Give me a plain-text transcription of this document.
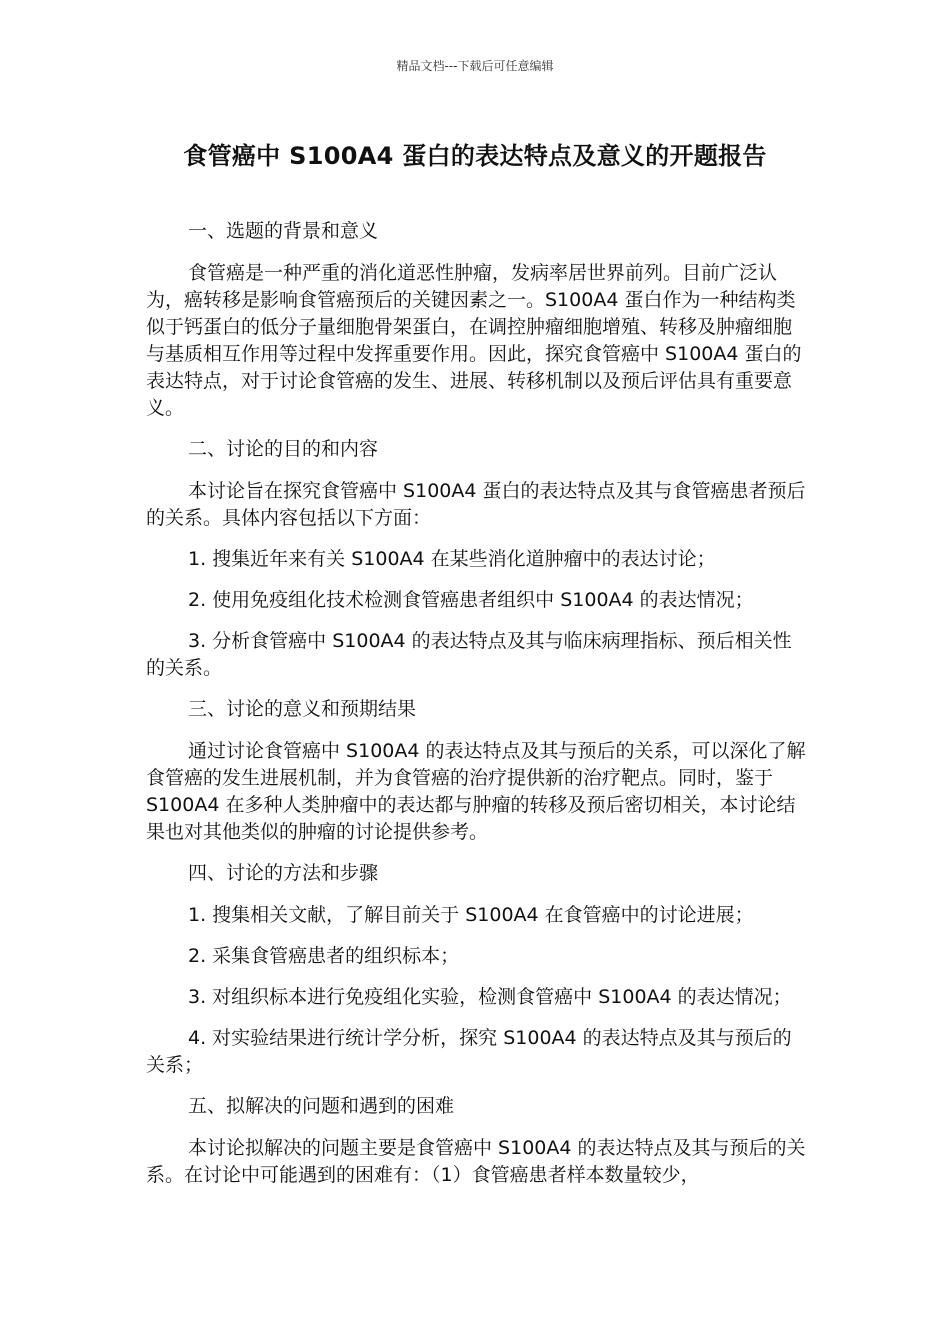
精品文档---下载后可任意编辑
食管癌中 S100A4 蛋白的表达特点及意义的开题报告

一、选题的背景和意义

食管癌是一种严重的消化道恶性肿瘤，发病率居世界前列。目前广泛认为，癌转移是影响食管癌预后的关键因素之一。S100A4 蛋白作为一种结构类似于钙蛋白的低分子量细胞骨架蛋白，在调控肿瘤细胞增殖、转移及肿瘤细胞与基质相互作用等过程中发挥重要作用。因此，探究食管癌中 S100A4 蛋白的表达特点，对于讨论食管癌的发生、进展、转移机制以及预后评估具有重要意义。

二、讨论的目的和内容

本讨论旨在探究食管癌中 S100A4 蛋白的表达特点及其与食管癌患者预后的关系。具体内容包括以下方面：

1. 搜集近年来有关 S100A4 在某些消化道肿瘤中的表达讨论；

2. 使用免疫组化技术检测食管癌患者组织中 S100A4 的表达情况；

3. 分析食管癌中 S100A4 的表达特点及其与临床病理指标、预后相关性的关系。

三、讨论的意义和预期结果

通过讨论食管癌中 S100A4 的表达特点及其与预后的关系，可以深化了解食管癌的发生进展机制，并为食管癌的治疗提供新的治疗靶点。同时，鉴于 S100A4 在多种人类肿瘤中的表达都与肿瘤的转移及预后密切相关，本讨论结果也对其他类似的肿瘤的讨论提供参考。

四、讨论的方法和步骤

1. 搜集相关文献，了解目前关于 S100A4 在食管癌中的讨论进展；

2. 采集食管癌患者的组织标本；

3. 对组织标本进行免疫组化实验，检测食管癌中 S100A4 的表达情况；

4. 对实验结果进行统计学分析，探究 S100A4 的表达特点及其与预后的关系；

五、拟解决的问题和遇到的困难

本讨论拟解决的问题主要是食管癌中 S100A4 的表达特点及其与预后的关系。在讨论中可能遇到的困难有：（1）食管癌患者样本数量较少，
